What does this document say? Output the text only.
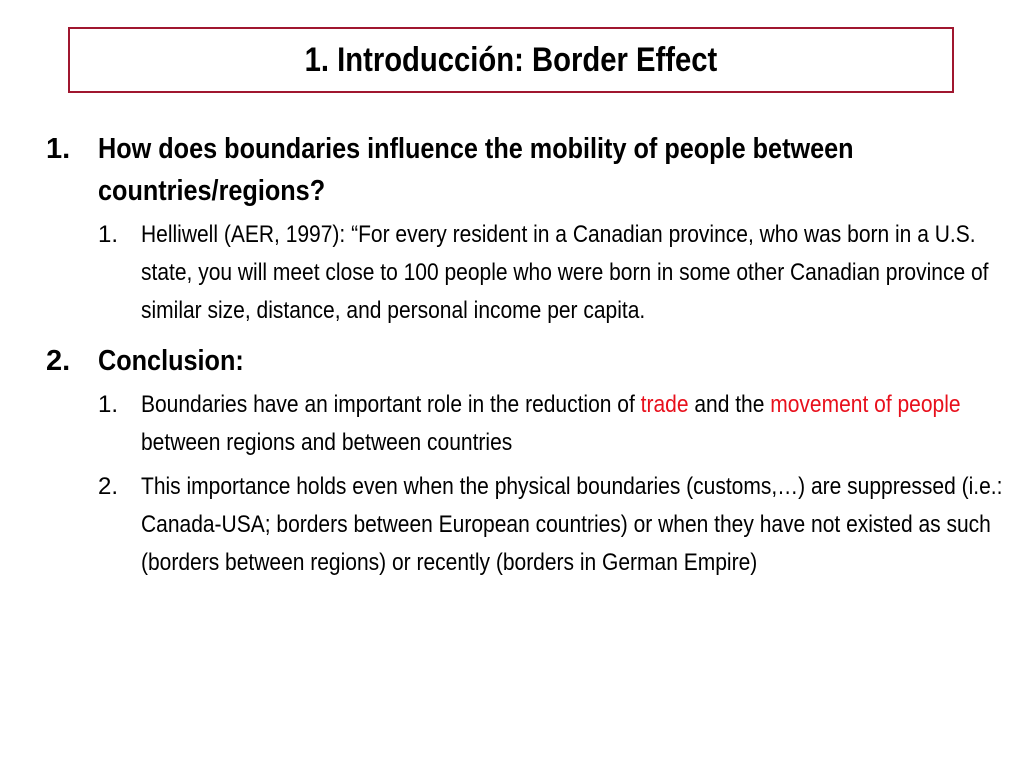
1. Introducción: Border Effect
1. How does boundaries influence the mobility of people between countries/regions?
1. Helliwell (AER, 1997): “For every resident in a Canadian province, who was born in a U.S. state, you will meet close to 100 people who were born in some other Canadian province of similar size, distance, and personal income per capita.
2. Conclusion:
1. Boundaries have an important role in the reduction of trade and the movement of people between regions and between countries
2. This importance holds even when the physical boundaries (customs,…) are suppressed (i.e.: Canada-USA; borders between European countries) or when they have not existed as such (borders between regions) or recently (borders in German Empire)
